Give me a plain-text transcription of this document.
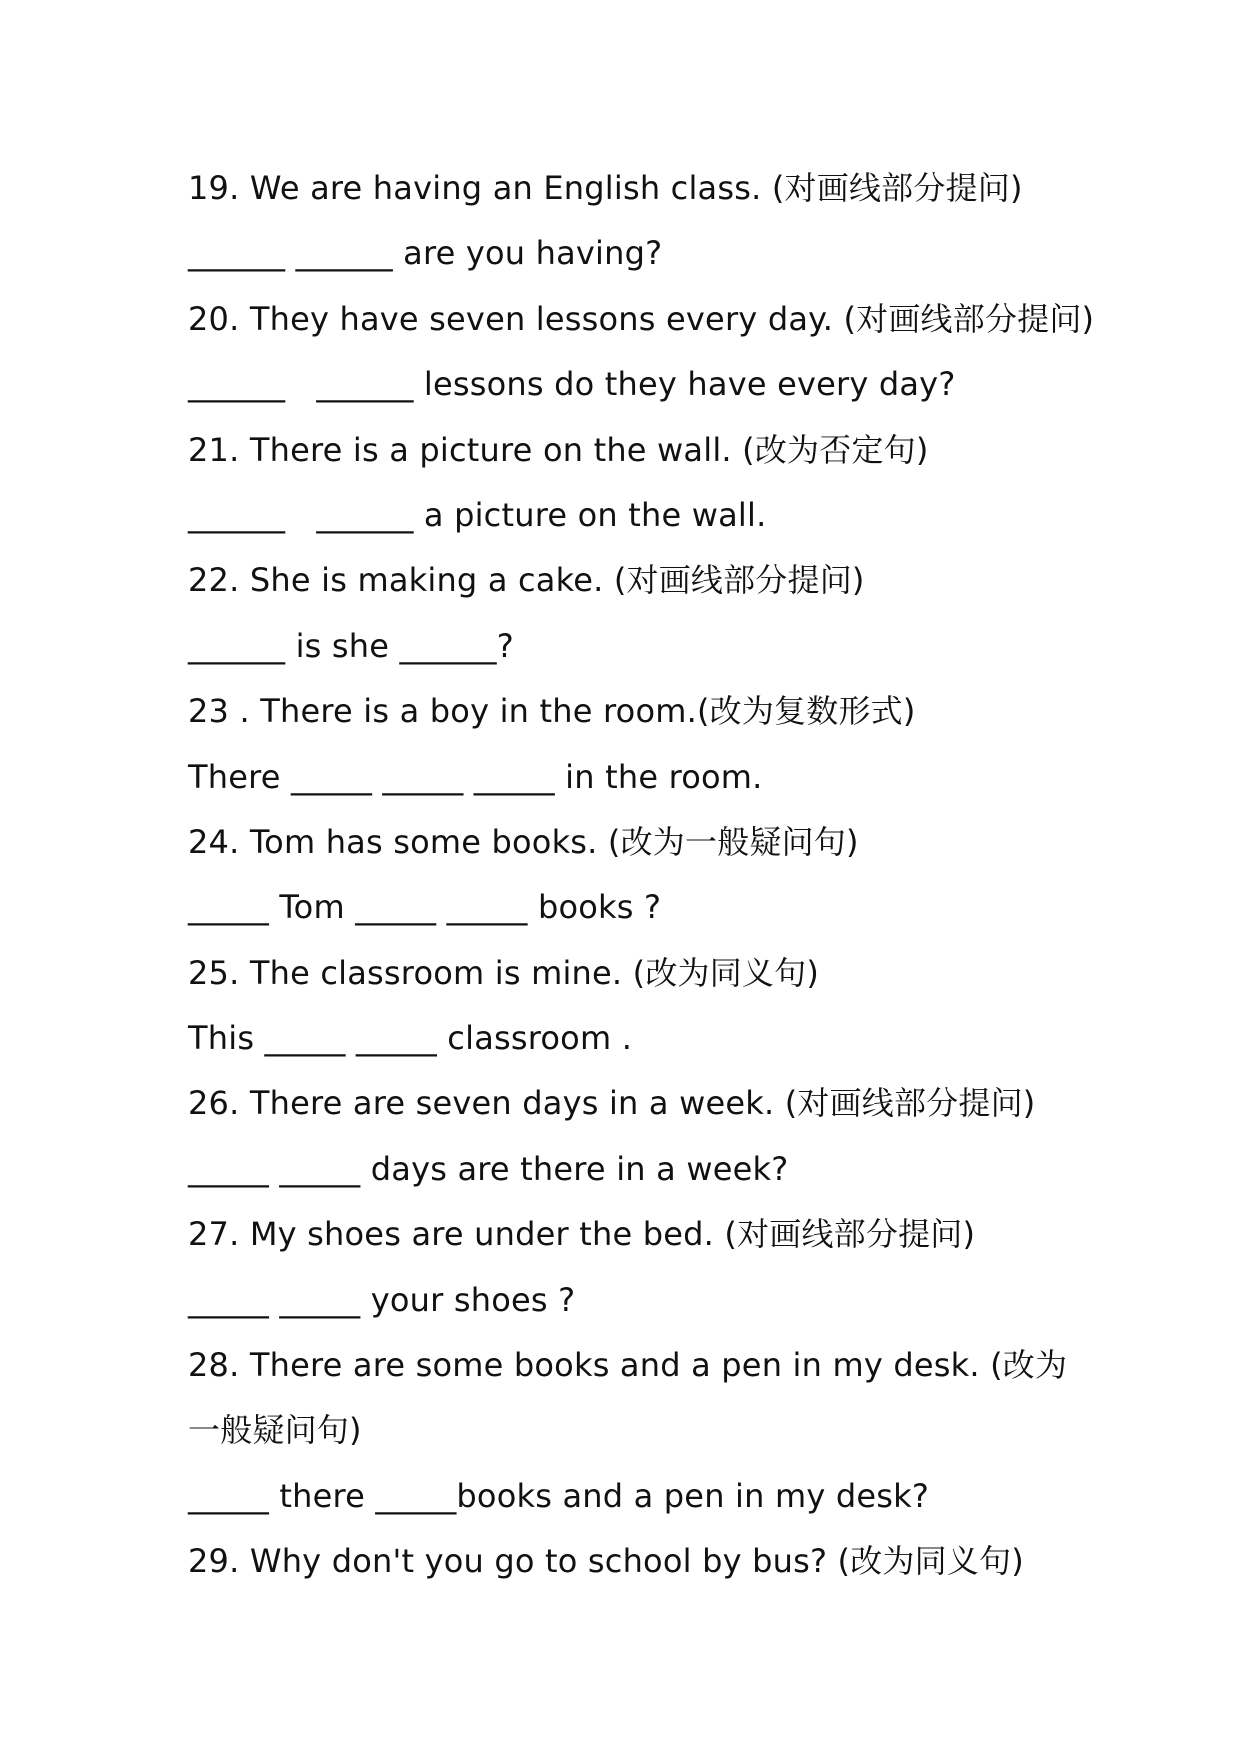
19. We are having an English class. (对画线部分提问)
______ ______ are you having?
20. They have seven lessons every day. (对画线部分提问)
______   ______ lessons do they have every day?
21. There is a picture on the wall. (改为否定句)
______   ______ a picture on the wall.
22. She is making a cake. (对画线部分提问)
______ is she ______?
23 . There is a boy in the room.(改为复数形式)
There _____ _____ _____ in the room.
24. Tom has some books. (改为一般疑问句)
_____ Tom _____ _____ books ?
25. The classroom is mine. (改为同义句)
This _____ _____ classroom .
26. There are seven days in a week. (对画线部分提问)
_____ _____ days are there in a week?
27. My shoes are under the bed. (对画线部分提问)
_____ _____ your shoes ?
28. There are some books and a pen in my desk. (改为
一般疑问句)
_____ there _____books and a pen in my desk?
29. Why don't you go to school by bus? (改为同义句)
